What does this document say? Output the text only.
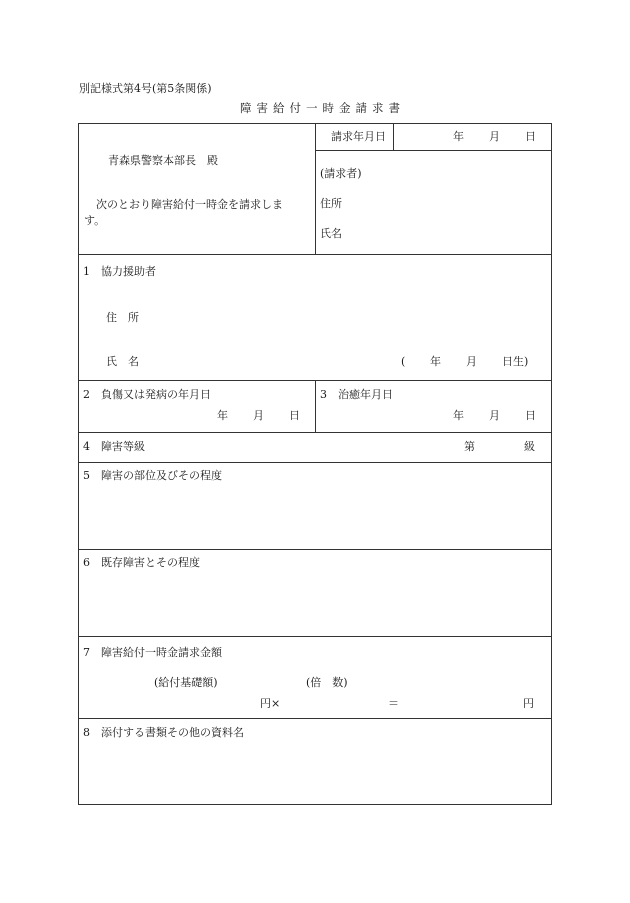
別記様式第4号(第5条関係)
障害給付一時金請求書
青森県警察本部長　殿
次のとおり障害給付一時金を請求しま
す。
請求年月日	年 月 日
(請求者)
住所
氏名
1　協力援助者
住　所
氏　名	( 年 月 日生)
2　負傷又は発病の年月日
年 月 日
3　治癒年月日
年 月 日
4　障害等級	第	級
5　障害の部位及びその程度
6　既存障害とその程度
7　障害給付一時金請求金額
(給付基礎額)	(倍　数)
円×	＝	円
8　添付する書類その他の資料名
